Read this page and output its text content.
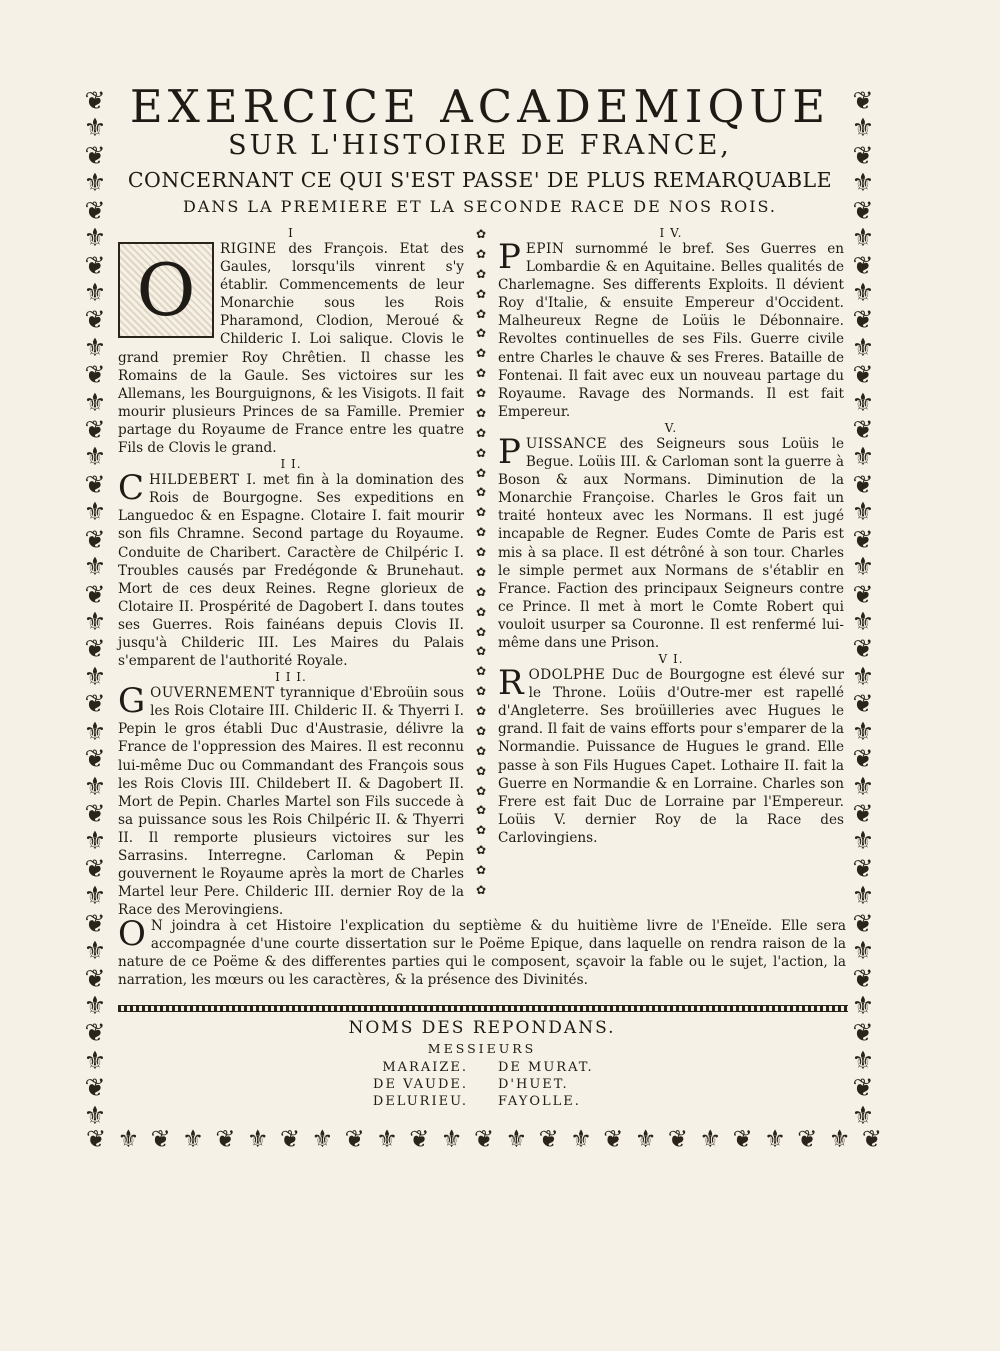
❦
⚜
❦
⚜
❦
⚜
❦
⚜
❦
⚜
❦
⚜
❦
⚜
❦
⚜
❦
⚜
❦
⚜
❦
⚜
❦
⚜
❦
⚜
❦
⚜
❦
⚜
❦
⚜
❦
⚜
❦
⚜
❦
⚜
❦
⚜
❦
⚜
❦
⚜
❦
⚜
❦
⚜
❦
⚜
❦
⚜
❦
⚜
❦
⚜
❦
⚜
❦
⚜
❦
⚜
❦
⚜
❦
⚜
❦
⚜
❦
⚜
❦
⚜
❦
⚜
❦
⚜
❦ ⚜ ❦ ⚜ ❦ ⚜ ❦ ⚜ ❦ ⚜ ❦ ⚜ ❦ ⚜ ❦ ⚜ ❦ ⚜ ❦ ⚜ ❦ ⚜ ❦ ⚜ ❦
✿
✿
✿
✿
✿
✿
✿
✿
✿
✿
✿
✿
✿
✿
✿
✿
✿
✿
✿
✿
✿
✿
✿
✿
✿
✿
✿
✿
✿
✿
✿
✿
✿
✿
EXERCICE ACADEMIQUE
SUR L'HISTOIRE DE FRANCE,
CONCERNANT CE QUI S'EST PASSE' DE PLUS REMARQUABLE
DANS LA PREMIERE ET LA SECONDE RACE DE NOS ROIS.
I
O	RIGINE des François. Etat des Gaules, lorsqu'ils vinrent s'y établir. Commencements de leur Monarchie sous les Rois Pharamond, Clodion, Meroué & Childeric I. Loi salique. Clovis le grand premier Roy Chrêtien. Il chasse les Romains de la Gaule. Ses victoires sur les Allemans, les Bourguignons, & les Visigots. Il fait mourir plusieurs Princes de sa Famille. Premier partage du Royaume de France entre les quatre Fils de Clovis le grand.
I I.
C HILDEBERT I. met fin à la domination des Rois de Bourgogne. Ses expeditions en Languedoc & en Espagne. Clotaire I. fait mourir son fils Chramne. Second partage du Royaume. Conduite de Charibert. Caractère de Chilpéric I. Troubles causés par Fredégonde & Brunehaut. Mort de ces deux Reines. Regne glorieux de Clotaire II. Prospérité de Dagobert I. dans toutes ses Guerres. Rois fainéans depuis Clovis II. jusqu'à Childeric III. Les Maires du Palais s'emparent de l'authorité Royale.
I I I.
G OUVERNEMENT tyrannique d'Ebroüin sous les Rois Clotaire III. Childeric II. & Thyerri I. Pepin le gros établi Duc d'Austrasie, délivre la France de l'oppression des Maires. Il est reconnu lui-même Duc ou Commandant des François sous les Rois Clovis III. Childebert II. & Dagobert II. Mort de Pepin. Charles Martel son Fils succede à sa puissance sous les Rois Chilpéric II. & Thyerri II. Il remporte plusieurs victoires sur les Sarrasins. Interregne. Carloman & Pepin gouvernent le Royaume après la mort de Charles Martel leur Pere. Childeric III. dernier Roy de la Race des Merovingiens.
I V.
P EPIN surnommé le bref. Ses Guerres en Lombardie & en Aquitaine. Belles qualités de Charlemagne. Ses differents Exploits. Il dévient Roy d'Italie, & ensuite Empereur d'Occident. Malheureux Regne de Loüis le Débonnaire. Revoltes continuelles de ses Fils. Guerre civile entre Charles le chauve & ses Freres. Bataille de Fontenai. Il fait avec eux un nouveau partage du Royaume. Ravage des Normands. Il est fait Empereur.
V.
P UISSANCE des Seigneurs sous Loüis le Begue. Loüis III. & Carloman sont la guerre à Boson & aux Normans. Diminution de la Monarchie Françoise. Charles le Gros fait un traité honteux avec les Normans. Il est jugé incapable de Regner. Eudes Comte de Paris est mis à sa place. Il est détrôné à son tour. Charles le simple permet aux Normans de s'établir en France. Faction des principaux Seigneurs contre ce Prince. Il met à mort le Comte Robert qui vouloit usurper sa Couronne. Il est renfermé lui-même dans une Prison.
V I.
R ODOLPHE Duc de Bourgogne est élevé sur le Throne. Loüis d'Outre-mer est rapellé d'Angleterre. Ses broüilleries avec Hugues le grand. Il fait de vains efforts pour s'emparer de la Normandie. Puissance de Hugues le grand. Elle passe à son Fils Hugues Capet. Lothaire II. fait la Guerre en Normandie & en Lorraine. Charles son Frere est fait Duc de Lorraine par l'Empereur. Loüis V. dernier Roy de la Race des Carlovingiens.
O N joindra à cet Histoire l'explication du septième & du huitième livre de l'Eneïde. Elle sera accompagnée d'une courte dissertation sur le Poëme Epique, dans laquelle on rendra raison de la nature de ce Poëme & des differentes parties qui le composent, sçavoir la fable ou le sujet, l'action, la narration, les mœurs ou les caractères, & la présence des Divinités.
NOMS DES REPONDANS.
MESSIEURS
MARAIZE.
DE VAUDE.
DELURIEU.
DE MURAT.
D'HUET.
FAYOLLE.
